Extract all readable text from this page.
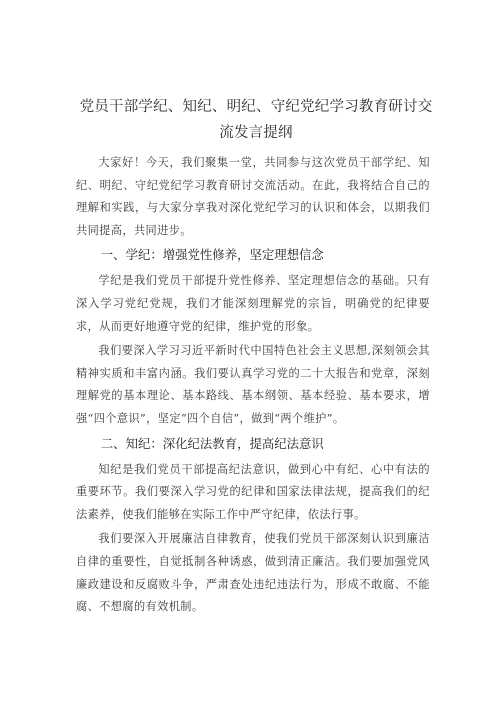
党员干部学纪、知纪、明纪、守纪党纪学习教育研讨交流发言提纲

大家好！今天，我们聚集一堂，共同参与这次党员干部学纪、知纪、明纪、守纪党纪学习教育研讨交流活动。在此，我将结合自己的理解和实践，与大家分享我对深化党纪学习的认识和体会，以期我们共同提高，共同进步。

一、学纪：增强党性修养，坚定理想信念

学纪是我们党员干部提升党性修养、坚定理想信念的基础。只有深入学习党纪党规，我们才能深刻理解党的宗旨，明确党的纪律要求，从而更好地遵守党的纪律，维护党的形象。

我们要深入学习习近平新时代中国特色社会主义思想,深刻领会其精神实质和丰富内涵。我们要认真学习党的二十大报告和党章，深刻理解党的基本理论、基本路线、基本纲领、基本经验、基本要求，增强“四个意识”，坚定“四个自信”，做到“两个维护”。

二、知纪：深化纪法教育，提高纪法意识

知纪是我们党员干部提高纪法意识，做到心中有纪、心中有法的重要环节。我们要深入学习党的纪律和国家法律法规，提高我们的纪法素养，使我们能够在实际工作中严守纪律，依法行事。

我们要深入开展廉洁自律教育，使我们党员干部深刻认识到廉洁自律的重要性，自觉抵制各种诱惑，做到清正廉洁。我们要加强党风廉政建设和反腐败斗争，严肃查处违纪违法行为，形成不敢腐、不能腐、不想腐的有效机制。
